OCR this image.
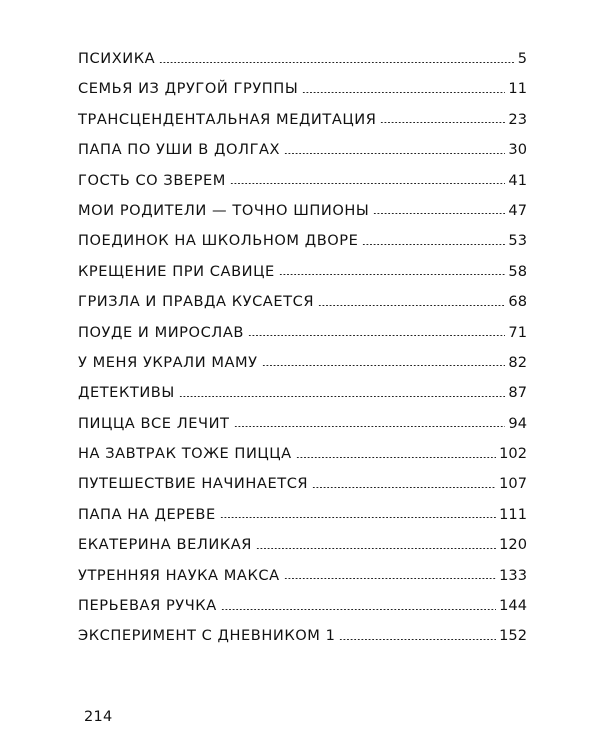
ПСИХИКА	5
СЕМЬЯ ИЗ ДРУГОЙ ГРУППЫ	11
ТРАНСЦЕНДЕНТАЛЬНАЯ МЕДИТАЦИЯ	23
ПАПА ПО УШИ В ДОЛГАХ	30
ГОСТЬ СО ЗВЕРЕМ	41
МОИ РОДИТЕЛИ — ТОЧНО ШПИОНЫ	47
ПОЕДИНОК НА ШКОЛЬНОМ ДВОРЕ	53
КРЕЩЕНИЕ ПРИ САВИЦЕ	58
ГРИЗЛА И ПРАВДА КУСАЕТСЯ	68
ПОУДЕ И МИРОСЛАВ	71
У МЕНЯ УКРАЛИ МАМУ	82
ДЕТЕКТИВЫ	87
ПИЦЦА ВСЕ ЛЕЧИТ	94
НА ЗАВТРАК ТОЖЕ ПИЦЦА	102
ПУТЕШЕСТВИЕ НАЧИНАЕТСЯ	107
ПАПА НА ДЕРЕВЕ	111
ЕКАТЕРИНА ВЕЛИКАЯ	120
УТРЕННЯЯ НАУКА МАКСА	133
ПЕРЬЕВАЯ РУЧКА	144
ЭКСПЕРИМЕНТ С ДНЕВНИКОМ 1	152
214
